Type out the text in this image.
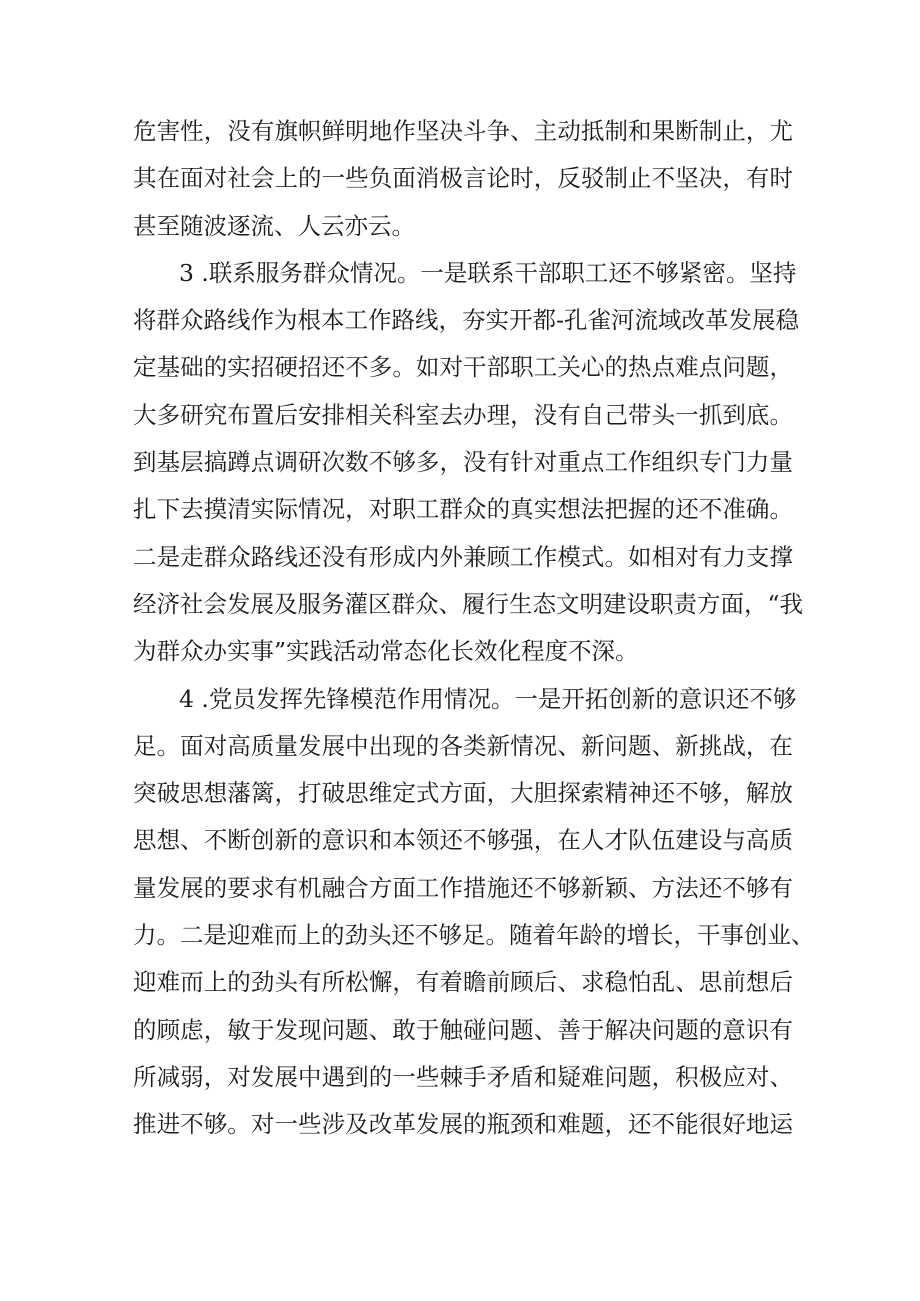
危害性，没有旗帜鲜明地作坚决斗争、主动抵制和果断制止，尤
其在面对社会上的一些负面消极言论时，反驳制止不坚决，有时
甚至随波逐流、人云亦云。
3 .联系服务群众情况。一是联系干部职工还不够紧密。坚持
将群众路线作为根本工作路线，夯实开都-孔雀河流域改革发展稳
定基础的实招硬招还不多。如对干部职工关心的热点难点问题，
大多研究布置后安排相关科室去办理，没有自己带头一抓到底。
到基层搞蹲点调研次数不够多，没有针对重点工作组织专门力量
扎下去摸清实际情况，对职工群众的真实想法把握的还不准确。
二是走群众路线还没有形成内外兼顾工作模式。如相对有力支撑
经济社会发展及服务灌区群众、履行生态文明建设职责方面，“我
为群众办实事”实践活动常态化长效化程度不深。
4 .党员发挥先锋模范作用情况。一是开拓创新的意识还不够
足。面对高质量发展中出现的各类新情况、新问题、新挑战，在
突破思想藩篱，打破思维定式方面，大胆探索精神还不够，解放
思想、不断创新的意识和本领还不够强，在人才队伍建设与高质
量发展的要求有机融合方面工作措施还不够新颖、方法还不够有
力。二是迎难而上的劲头还不够足。随着年龄的增长，干事创业、
迎难而上的劲头有所松懈，有着瞻前顾后、求稳怕乱、思前想后
的顾虑，敏于发现问题、敢于触碰问题、善于解决问题的意识有
所减弱，对发展中遇到的一些棘手矛盾和疑难问题，积极应对、
推进不够。对一些涉及改革发展的瓶颈和难题，还不能很好地运
